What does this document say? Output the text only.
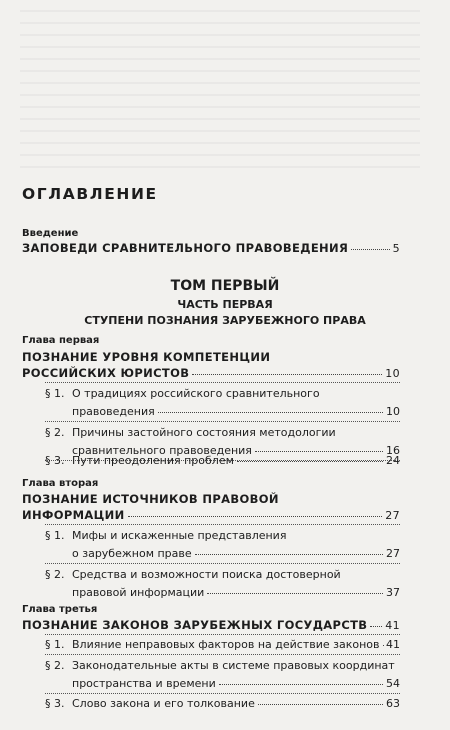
ОГЛАВЛЕНИЕ
Введение
ЗАПОВЕДИ СРАВНИТЕЛЬНОГО ПРАВОВЕДЕНИЯ	5
ТОМ ПЕРВЫЙ
ЧАСТЬ ПЕРВАЯ
СТУПЕНИ ПОЗНАНИЯ ЗАРУБЕЖНОГО ПРАВА
Глава первая
ПОЗНАНИЕ УРОВНЯ КОМПЕТЕНЦИИ
РОССИЙСКИХ ЮРИСТОВ	10
§ 1. О традициях российского сравнительного
правоведения	10
§ 2. Причины застойного состояния методологии
сравнительного правоведения	16
§ 3. Пути преодоления проблем	24
Глава вторая
ПОЗНАНИЕ ИСТОЧНИКОВ ПРАВОВОЙ
ИНФОРМАЦИИ	27
§ 1. Мифы и искаженные представления
о зарубежном праве	27
§ 2. Средства и возможности поиска достоверной
правовой информации	37
Глава третья
ПОЗНАНИЕ ЗАКОНОВ ЗАРУБЕЖНЫХ ГОСУДАРСТВ 41
§ 1. Влияние неправовых факторов на действие законов 41
§ 2. Законодательные акты в системе правовых координат
пространства и времени	54
§ 3. Слово закона и его толкование	63
